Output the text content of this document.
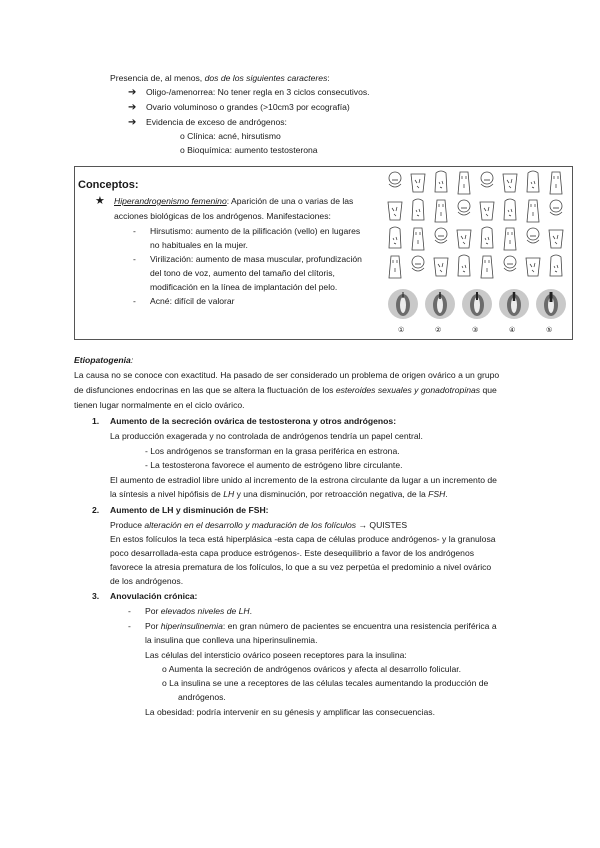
Presencia de, al menos, dos de los siguientes caracteres:
➔ Oligo-/amenorrea: No tener regla en 3 ciclos consecutivos.
➔ Ovario voluminoso o grandes (>10cm3 por ecografía)
➔ Evidencia de exceso de andrógenos:
o Clínica: acné, hirsutismo
o Bioquímica: aumento testosterona
Conceptos:
★ Hiperandrogenismo femenino: Aparición de una o varias de las
acciones biológicas de los andrógenos. Manifestaciones:
- Hirsutismo: aumento de la pilificación (vello) en lugares
no habituales en la mujer.
- Virilización: aumento de masa muscular, profundización
del tono de voz, aumento del tamaño del clítoris,
modificación en la línea de implantación del pelo.
- Acné: difícil de valorar
①	②	③	④	⑤
Etiopatogenia:
La causa no se conoce con exactitud. Ha pasado de ser considerado un problema de origen ovárico a un grupo
de disfunciones endocrinas en las que se altera la fluctuación de los esteroides sexuales y gonadotropinas que
tienen lugar normalmente en el ciclo ovárico.
1. Aumento de la secreción ovárica de testosterona y otros andrógenos:
La producción exagerada y no controlada de andrógenos tendría un papel central.
- Los andrógenos se transforman en la grasa periférica en estrona.
- La testosterona favorece el aumento de estrógeno libre circulante.
El aumento de estradiol libre unido al incremento de la estrona circulante da lugar a un incremento de
la síntesis a nivel hipófisis de LH y una disminución, por retroacción negativa, de la FSH.
2. Aumento de LH y disminución de FSH:
Produce alteración en el desarrollo y maduración de los folículos → QUISTES
En estos folículos la teca está hiperplásica -esta capa de células produce andrógenos- y la granulosa
poco desarrollada-esta capa produce estrógenos-. Este desequilibrio a favor de los andrógenos
favorece la atresia prematura de los folículos, lo que a su vez perpetúa el predominio a nivel ovárico
de los andrógenos.
3. Anovulación crónica:
- Por elevados niveles de LH.
- Por hiperinsulinemia: en gran número de pacientes se encuentra una resistencia periférica a
la insulina que conlleva una hiperinsulinemia.
Las células del intersticio ovárico poseen receptores para la insulina:
o Aumenta la secreción de andrógenos ováricos y afecta al desarrollo folicular.
o La insulina se une a receptores de las células tecales aumentando la producción de
andrógenos.
La obesidad: podría intervenir en su génesis y amplificar las consecuencias.
